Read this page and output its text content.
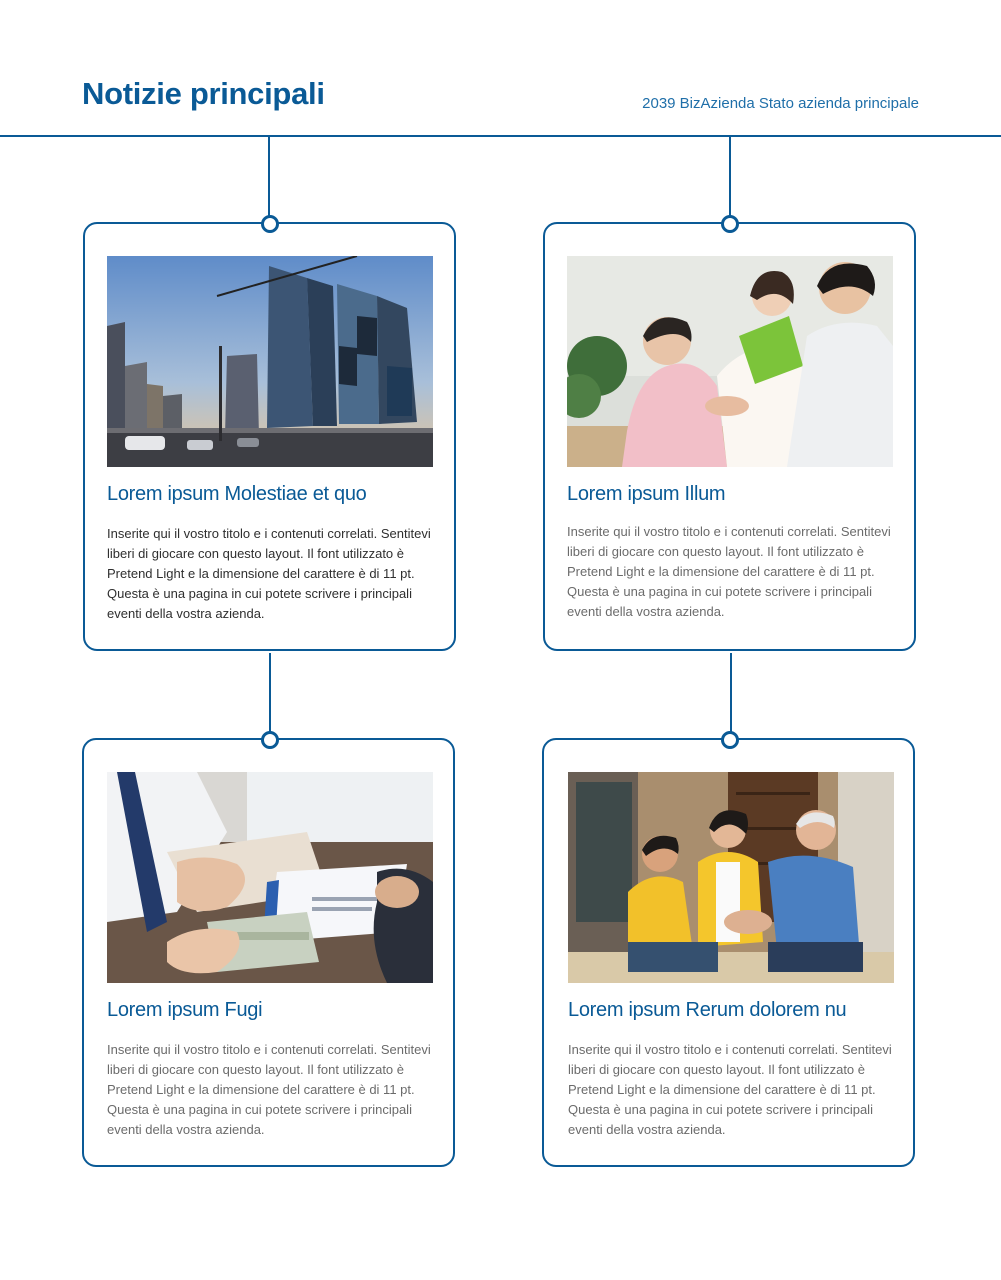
Notizie principali	2039 BizAzienda Stato azienda principale
Lorem ipsum Molestiae et quo

Inserite qui il vostro titolo e i contenuti correlati. Sentitevi liberi di giocare con questo layout. Il font utilizzato è Pretend Light e la dimensione del carattere è di 11 pt. Questa è una pagina in cui potete scrivere i principali eventi della vostra azienda.

Lorem ipsum Illum

Inserite qui il vostro titolo e i contenuti correlati. Sentitevi liberi di giocare con questo layout. Il font utilizzato è Pretend Light e la dimensione del carattere è di 11 pt. Questa è una pagina in cui potete scrivere i principali eventi della vostra azienda.

Lorem ipsum Fugi

Inserite qui il vostro titolo e i contenuti correlati. Sentitevi liberi di giocare con questo layout. Il font utilizzato è Pretend Light e la dimensione del carattere è di 11 pt. Questa è una pagina in cui potete scrivere i principali eventi della vostra azienda.

Lorem ipsum Rerum dolorem nu

Inserite qui il vostro titolo e i contenuti correlati. Sentitevi liberi di giocare con questo layout. Il font utilizzato è Pretend Light e la dimensione del carattere è di 11 pt. Questa è una pagina in cui potete scrivere i principali eventi della vostra azienda.
